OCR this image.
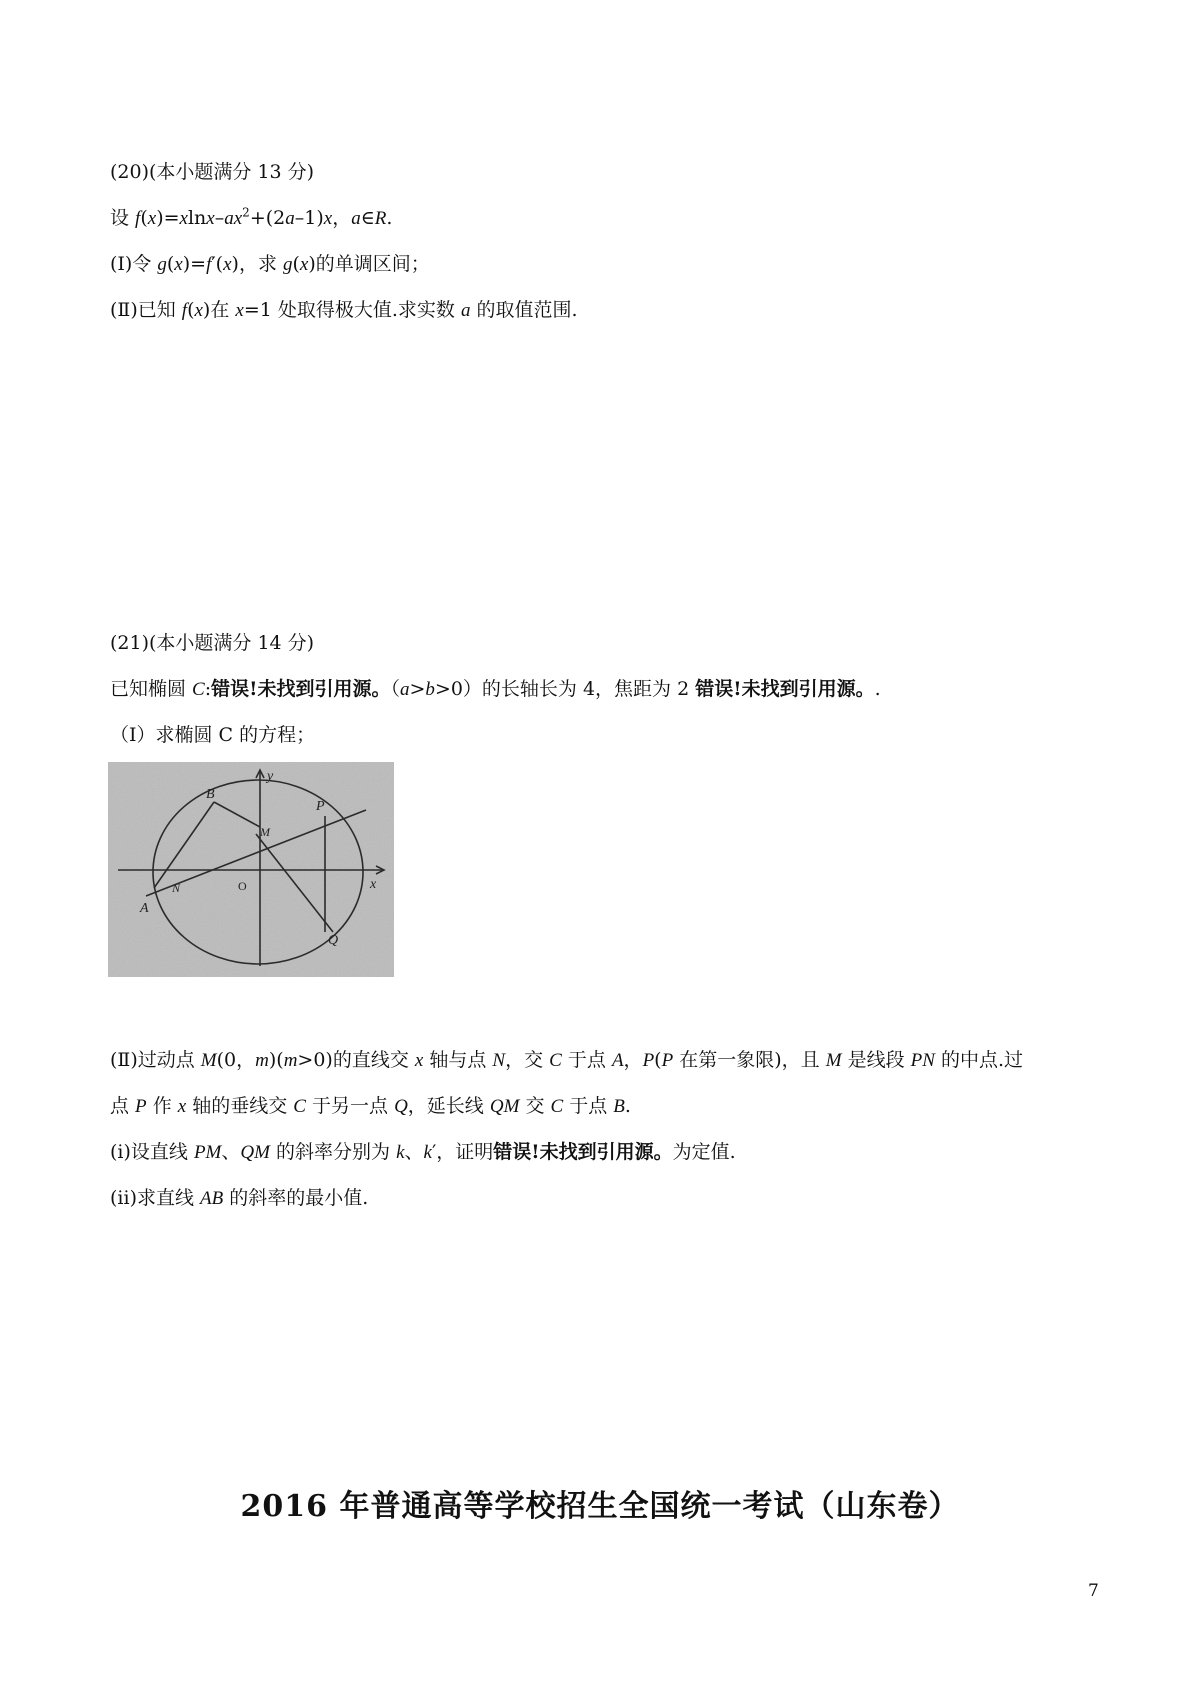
(20)(本小题满分 13 分)
设 $f(x)=xlnx-ax^2+(2a-1)x$，a∈R.
(Ⅰ)令 g(x)=f′(x)，求 g(x)的单调区间；
(Ⅱ)已知 f(x)在 x=1 处取得极大值.求实数 a 的取值范围.
(21)(本小题满分 14 分)
已知椭圆 C:错误!未找到引用源。（a>b>0）的长轴长为 4，焦距为 2 错误!未找到引用源。.
（Ⅰ）求椭圆 C 的方程；
y
x
B
P
M
A
N	O
Q
(Ⅱ)过动点 M(0，m)(m>0)的直线交 x 轴与点 N，交 C 于点 A，P(P 在第一象限)，且 M 是线段 PN 的中点.过
点 P 作 x 轴的垂线交 C 于另一点 Q，延长线 QM 交 C 于点 B.
(i)设直线 PM、QM 的斜率分别为 k、k′，证明错误!未找到引用源。为定值.
(ii)求直线 AB 的斜率的最小值.
2016 年普通高等学校招生全国统一考试（山东卷）
7
